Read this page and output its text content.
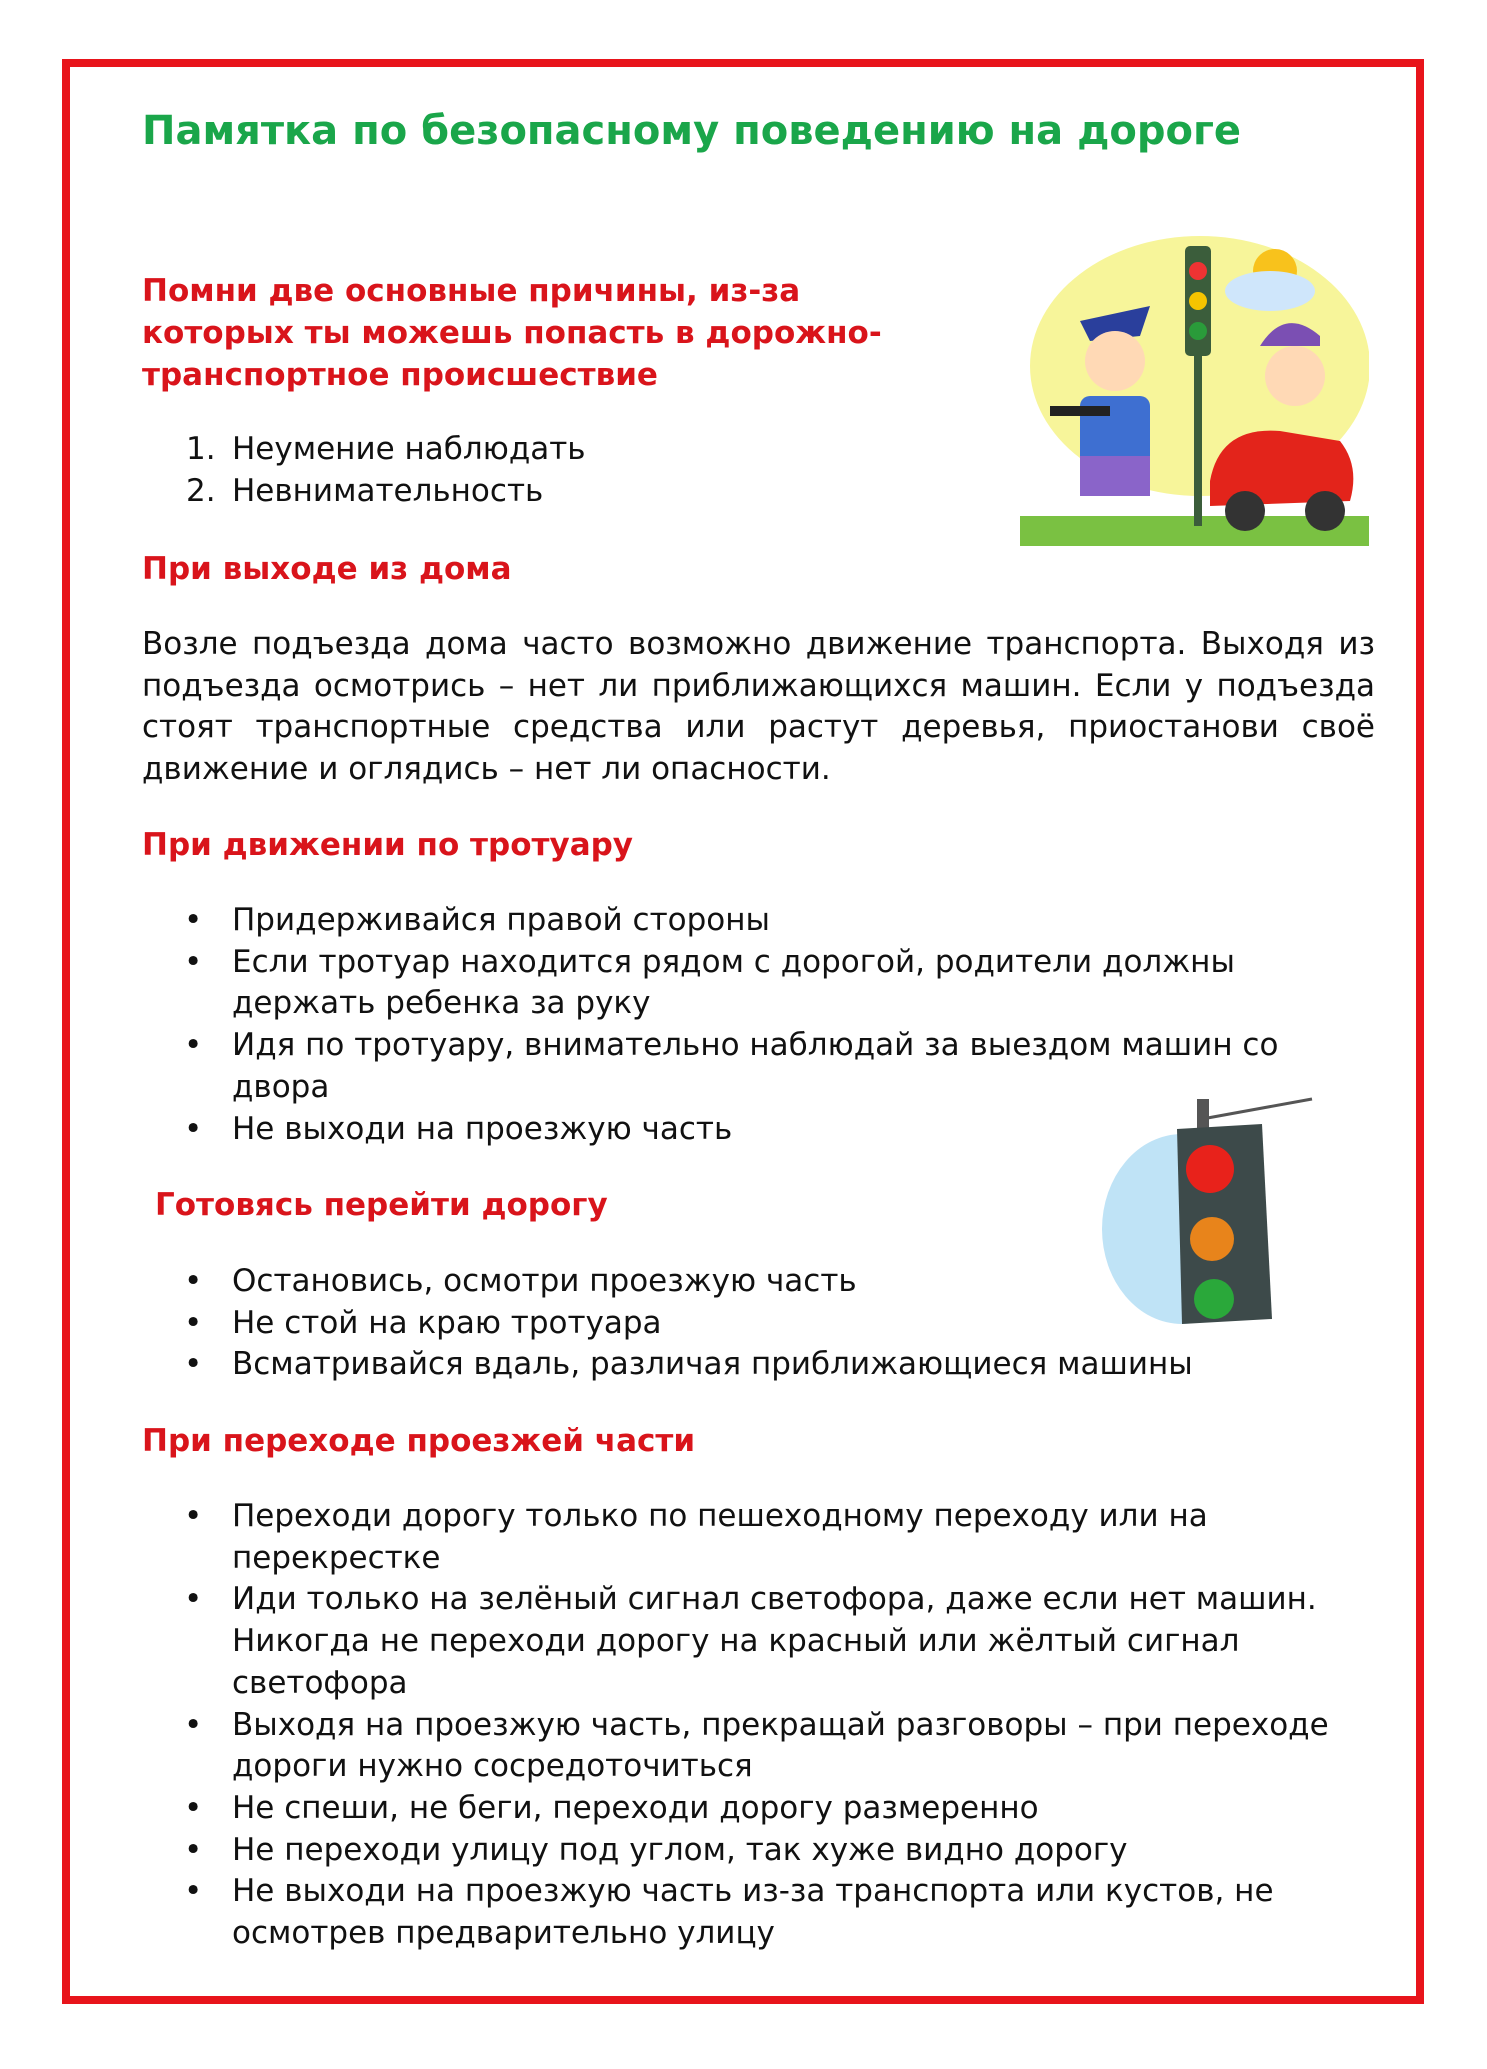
Памятка по безопасному поведению на дороге
Помни две основные причины, из-за
которых ты можешь попасть в дорожно-
транспортное происшествие
1. Неумение наблюдать
2. Невнимательность
При выходе из дома
Возле подъезда дома часто возможно движение транспорта. Выходя из подъезда осмотрись – нет ли приближающихся машин. Если у подъезда стоят транспортные средства или растут деревья, приостанови своё движение и оглядись – нет ли опасности.
При движении по тротуару
• Придерживайся правой стороны
• Если тротуар находится рядом с дорогой, родители должны держать ребенка за руку
• Идя по тротуару, внимательно наблюдай за выездом машин со двора
• Не выходи на проезжую часть
Готовясь перейти дорогу
• Остановись, осмотри проезжую часть
• Не стой на краю тротуара
• Всматривайся вдаль, различая приближающиеся машины
При переходе проезжей части
• Переходи дорогу только по пешеходному переходу или на перекрестке
• Иди только на зелёный сигнал светофора, даже если нет машин. Никогда не переходи дорогу на красный или жёлтый сигнал светофора
• Выходя на проезжую часть, прекращай разговоры – при переходе дороги нужно сосредоточиться
• Не спеши, не беги, переходи дорогу размеренно
• Не переходи улицу под углом, так хуже видно дорогу
• Не выходи на проезжую часть из-за транспорта или кустов, не осмотрев предварительно улицу
